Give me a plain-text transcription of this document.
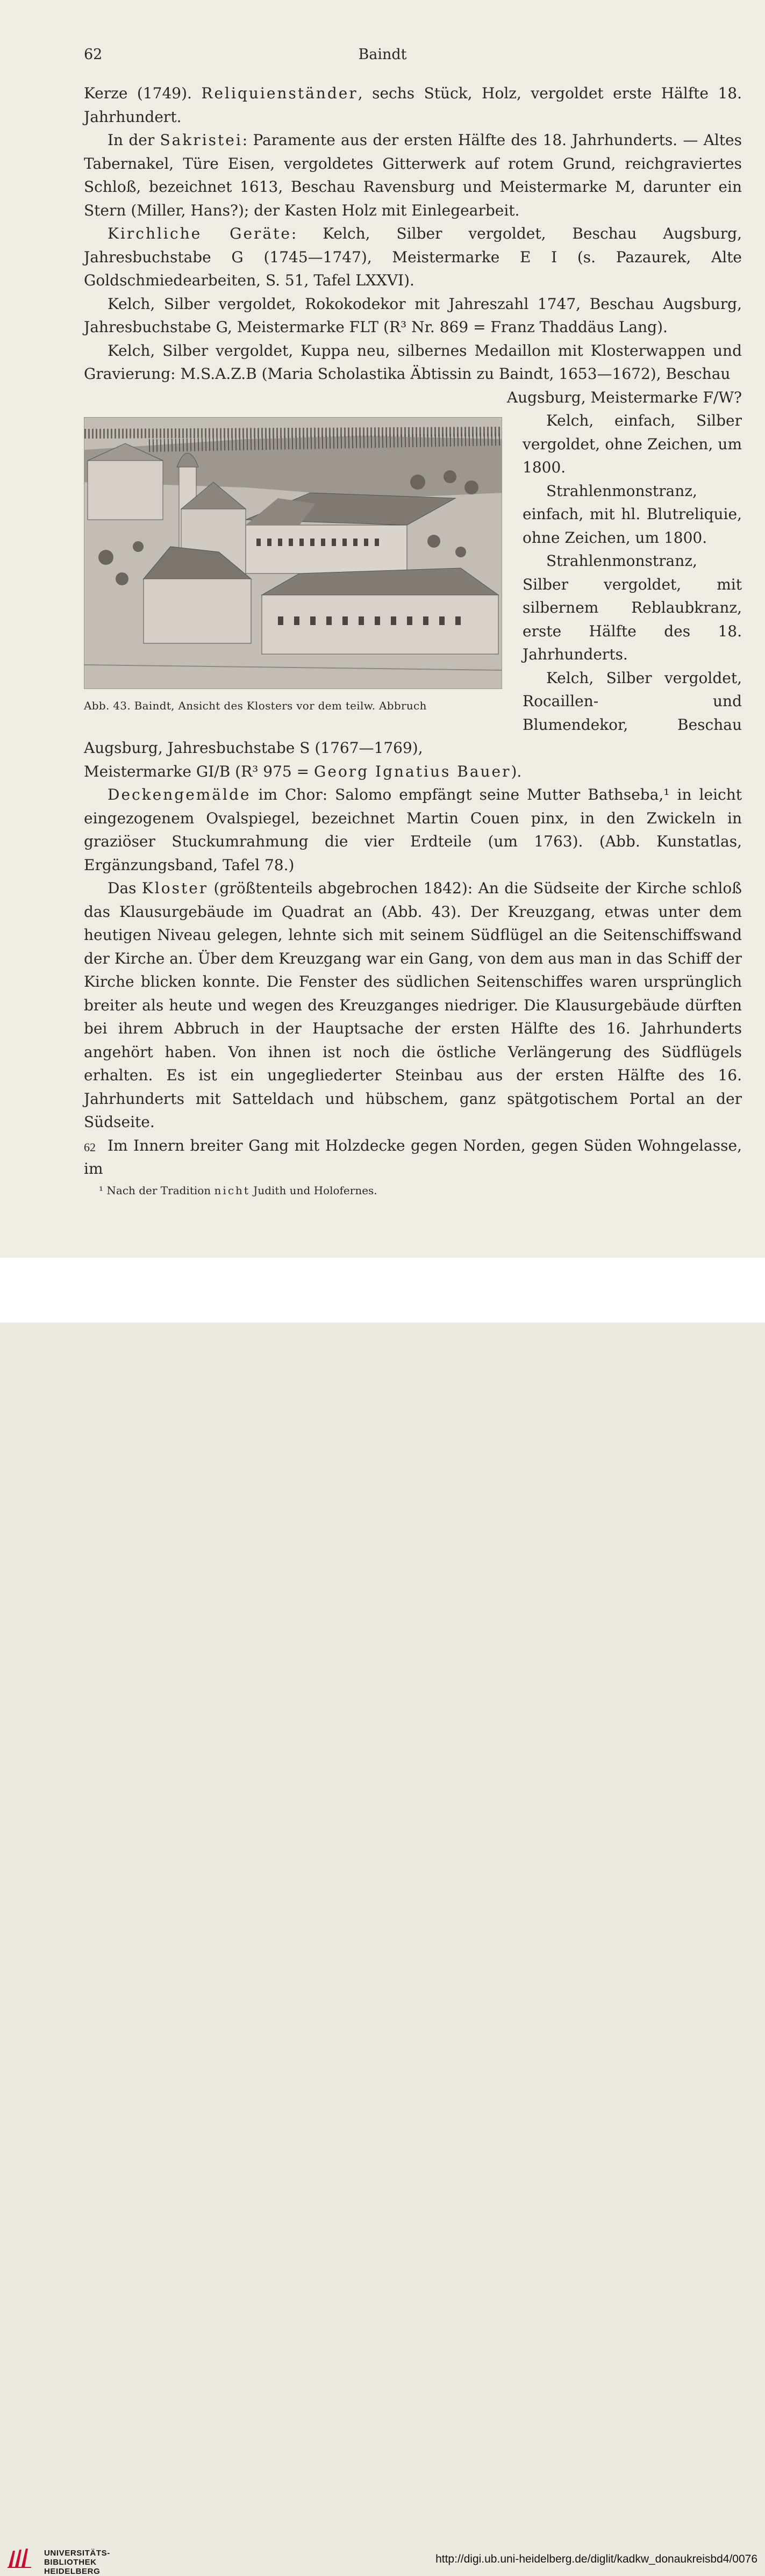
62	Baindt

Kerze (1749). Reliquienständer, sechs Stück, Holz, vergoldet erste Hälfte 18. Jahrhundert.

In der Sakristei: Paramente aus der ersten Hälfte des 18. Jahrhunderts. — Altes Tabernakel, Türe Eisen, vergoldetes Gitterwerk auf rotem Grund, reichgraviertes Schloß, bezeichnet 1613, Beschau Ravensburg und Meistermarke M, darunter ein Stern (Miller, Hans?); der Kasten Holz mit Einlegearbeit.

Kirchliche Geräte: Kelch, Silber vergoldet, Beschau Augsburg, Jahresbuchstabe G (1745—1747), Meistermarke E I (s. Pazaurek, Alte Goldschmiedearbeiten, S. 51, Tafel LXXVI).

Kelch, Silber vergoldet, Rokokodekor mit Jahreszahl 1747, Beschau Augsburg, Jahresbuchstabe G, Meistermarke FLT (R³ Nr. 869 = Franz Thaddäus Lang).

Kelch, Silber vergoldet, Kuppa neu, silbernes Medaillon mit Klosterwappen und Gravierung: M.S.A.Z.B (Maria Scholastika Äbtissin zu Baindt, 1653—1672), Beschau

Augsburg, Meistermarke F/W?

Abb. 43. Baindt, Ansicht des Klosters vor dem teilw. Abbruch

Kelch, einfach, Silber vergoldet, ohne Zeichen, um 1800.

Strahlenmonstranz, einfach, mit hl. Blutreliquie, ohne Zeichen, um 1800.

Strahlenmonstranz, Silber vergoldet, mit silbernem Reblaubkranz, erste Hälfte des 18. Jahrhunderts.

Kelch, Silber vergoldet, Rocaillen- und Blumendekor, Beschau Augsburg, Jahresbuchstabe S (1767—1769),

Meistermarke GI/B (R³ 975 = Georg Ignatius Bauer).

Deckengemälde im Chor: Salomo empfängt seine Mutter Bathseba,¹ in leicht eingezogenem Ovalspiegel, bezeichnet Martin Couen pinx, in den Zwickeln in graziöser Stuckumrahmung die vier Erdteile (um 1763). (Abb. Kunstatlas, Ergänzungsband, Tafel 78.)

Das Kloster (größtenteils abgebrochen 1842): An die Südseite der Kirche schloß das Klausurgebäude im Quadrat an (Abb. 43). Der Kreuzgang, etwas unter dem heutigen Niveau gelegen, lehnte sich mit seinem Südflügel an die Seitenschiffswand der Kirche an. Über dem Kreuzgang war ein Gang, von dem aus man in das Schiff der Kirche blicken konnte. Die Fenster des südlichen Seitenschiffes waren ursprünglich breiter als heute und wegen des Kreuzganges niedriger. Die Klausurgebäude dürften bei ihrem Abbruch in der Hauptsache der ersten Hälfte des 16. Jahrhunderts angehört haben. Von ihnen ist noch die östliche Verlängerung des Südflügels erhalten. Es ist ein ungegliederter Steinbau aus der ersten Hälfte des 16. Jahrhunderts mit Satteldach und hübschem, ganz spätgotischem Portal an der Südseite.

Im Innern breiter Gang mit Holzdecke gegen Norden, gegen Süden Wohngelasse, im

¹ Nach der Tradition nicht Judith und Holofernes.
62
UNIVERSITÄTS-
BIBLIOTHEK
HEIDELBERG
http://digi.ub.uni-heidelberg.de/diglit/kadkw_donaukreisbd4/0076
